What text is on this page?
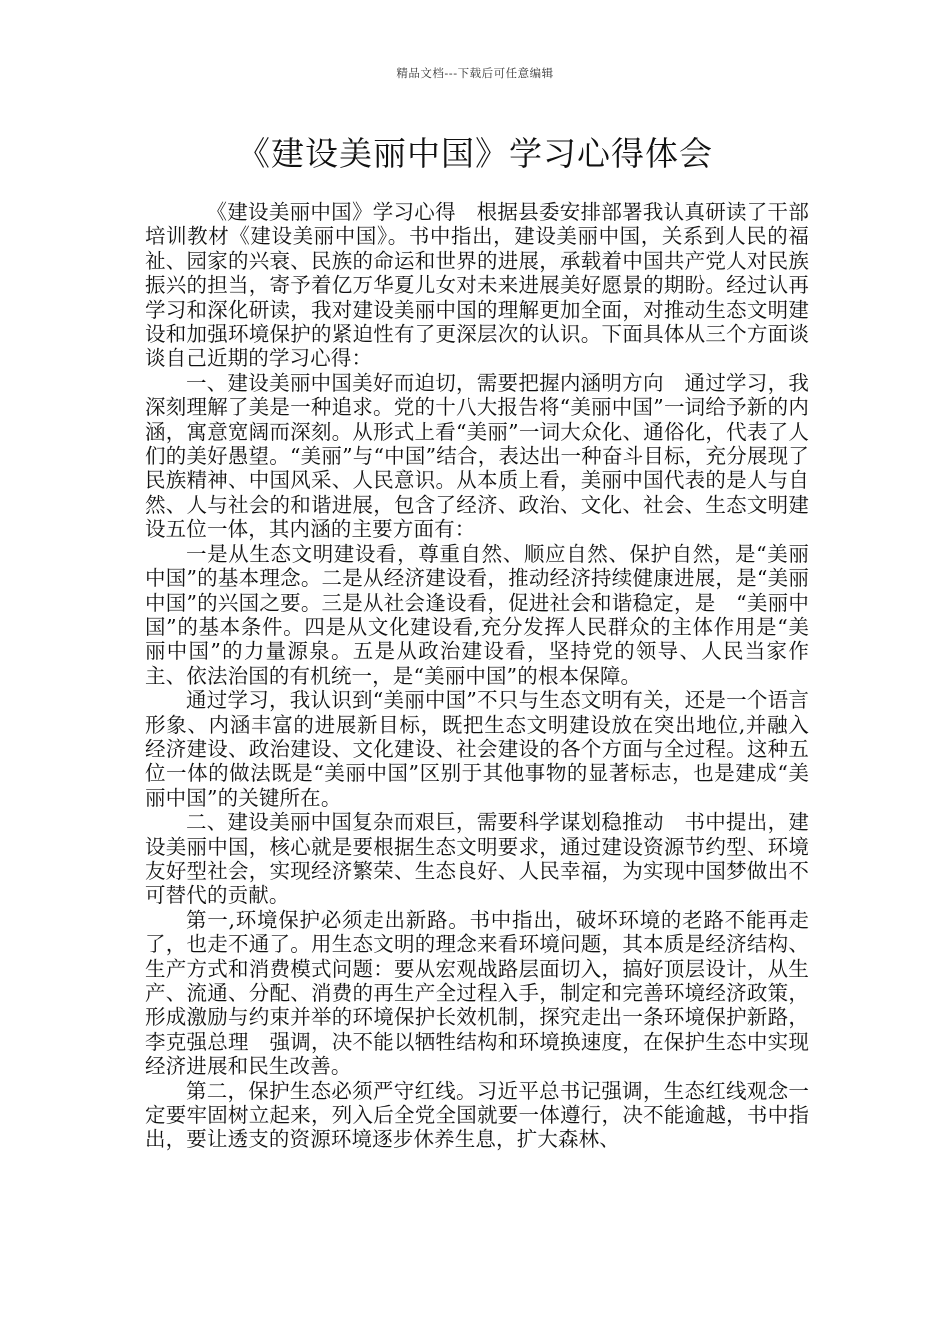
精品文档---下载后可任意编辑
《建设美丽中国》学习心得体会

《建设美丽中国》学习心得　根据县委安排部署我认真研读了干部培训教材《建设美丽中国》。书中指出，建设美丽中国，关系到人民的福祉、园家的兴衰、民族的命运和世界的进展，承载着中国共产党人对民族振兴的担当，寄予着亿万华夏儿女对未来进展美好愿景的期盼。经过认再学习和深化研读，我对建设美丽中国的理解更加全面，对推动生态文明建设和加强环境保护的紧迫性有了更深层次的认识。下面具体从三个方面谈谈自己近期的学习心得：

一、建设美丽中国美好而迫切，需要把握内涵明方向　通过学习，我深刻理解了美是一种追求。党的十八大报告将“美丽中国”一词给予新的内涵，寓意宽阔而深刻。从形式上看“美丽”一词大众化、通俗化，代表了人们的美好愚望。“美丽”与“中国”结合，表达出一种奋斗目标，充分展现了民族精神、中国风采、人民意识。从本质上看，美丽中国代表的是人与自然、人与社会的和谐进展，包含了经济、政治、文化、社会、生态文明建设五位一体，其内涵的主要方面有：

一是从生态文明建设看，尊重自然、顺应自然、保护自然，是“美丽中国”的基本理念。二是从经济建设看，推动经济持续健康进展，是“美丽中国”的兴国之要。三是从社会逢设看，促进社会和谐稳定，是　“美丽中国”的基本条件。四是从文化建设看,充分发挥人民群众的主体作用是“美丽中国”的力量源泉。五是从政治建设看，坚持党的领导、人民当家作主、依法治国的有机统一，是“美丽中国”的根本保障。

通过学习，我认识到“美丽中国”不只与生态文明有关，还是一个语言形象、内涵丰富的进展新目标，既把生态文明建设放在突出地位,并融入经济建设、政治建设、文化建设、社会建设的各个方面与全过程。这种五位一体的做法既是“美丽中国”区别于其他事物的显著标志，也是建成“美丽中国”的关键所在。

二、建设美丽中国复杂而艰巨，需要科学谋划稳推动　书中提出，建设美丽中国，核心就是要根据生态文明要求，通过建设资源节约型、环境友好型社会，实现经济繁荣、生态良好、人民幸福，为实现中国梦做出不可替代的贡献。

第一,环境保护必须走出新路。书中指出，破坏环境的老路不能再走了，也走不通了。用生态文明的理念来看环境问题，其本质是经济结构、生产方式和消费模式问题：要从宏观战路层面切入，搞好顶层设计，从生产、流通、分配、消费的再生产全过程入手，制定和完善环境经济政策，形成激励与约束并举的环境保护长效机制，探究走出一条环境保护新路，李克强总理　强调，决不能以牺牲结构和环境换速度，在保护生态中实现经济进展和民生改善。

第二，保护生态必须严守红线。习近平总书记强调，生态红线观念一定要牢固树立起来，列入后全党全国就要一体遵行，决不能逾越，书中指出，要让透支的资源环境逐步休养生息，扩大森林、
